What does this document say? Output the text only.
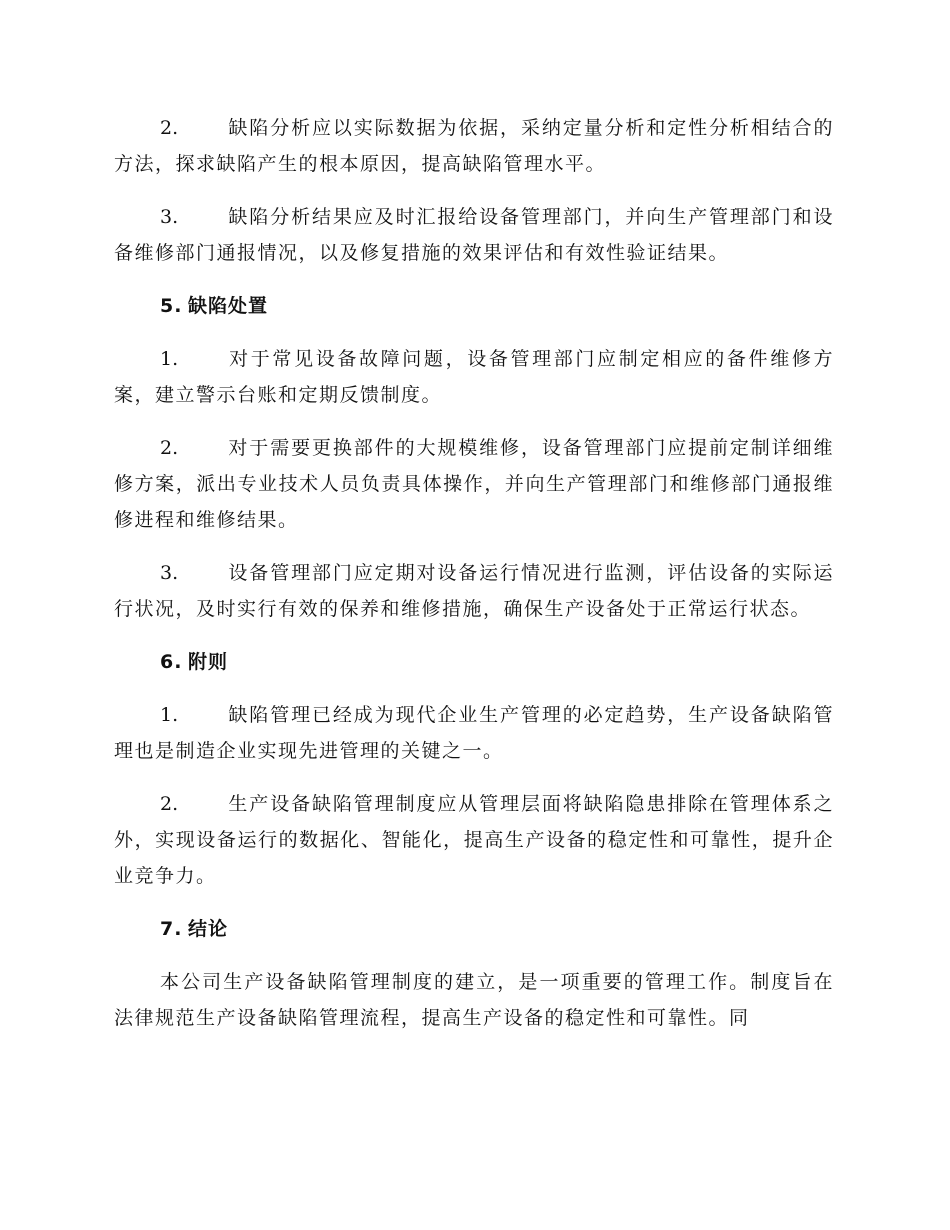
2.	缺陷分析应以实际数据为依据，采纳定量分析和定性分析相结合的方法，探求缺陷产生的根本原因，提高缺陷管理水平。

3.	缺陷分析结果应及时汇报给设备管理部门，并向生产管理部门和设备维修部门通报情况，以及修复措施的效果评估和有效性验证结果。

5. 缺陷处置

1.	对于常见设备故障问题，设备管理部门应制定相应的备件维修方案，建立警示台账和定期反馈制度。

2.	对于需要更换部件的大规模维修，设备管理部门应提前定制详细维修方案，派出专业技术人员负责具体操作，并向生产管理部门和维修部门通报维修进程和维修结果。

3.	设备管理部门应定期对设备运行情况进行监测，评估设备的实际运行状况，及时实行有效的保养和维修措施，确保生产设备处于正常运行状态。

6. 附则

1.	缺陷管理已经成为现代企业生产管理的必定趋势，生产设备缺陷管理也是制造企业实现先进管理的关键之一。

2.	生产设备缺陷管理制度应从管理层面将缺陷隐患排除在管理体系之外，实现设备运行的数据化、智能化，提高生产设备的稳定性和可靠性，提升企业竞争力。

7. 结论

本公司生产设备缺陷管理制度的建立，是一项重要的管理工作。制度旨在法律规范生产设备缺陷管理流程，提高生产设备的稳定性和可靠性。同
